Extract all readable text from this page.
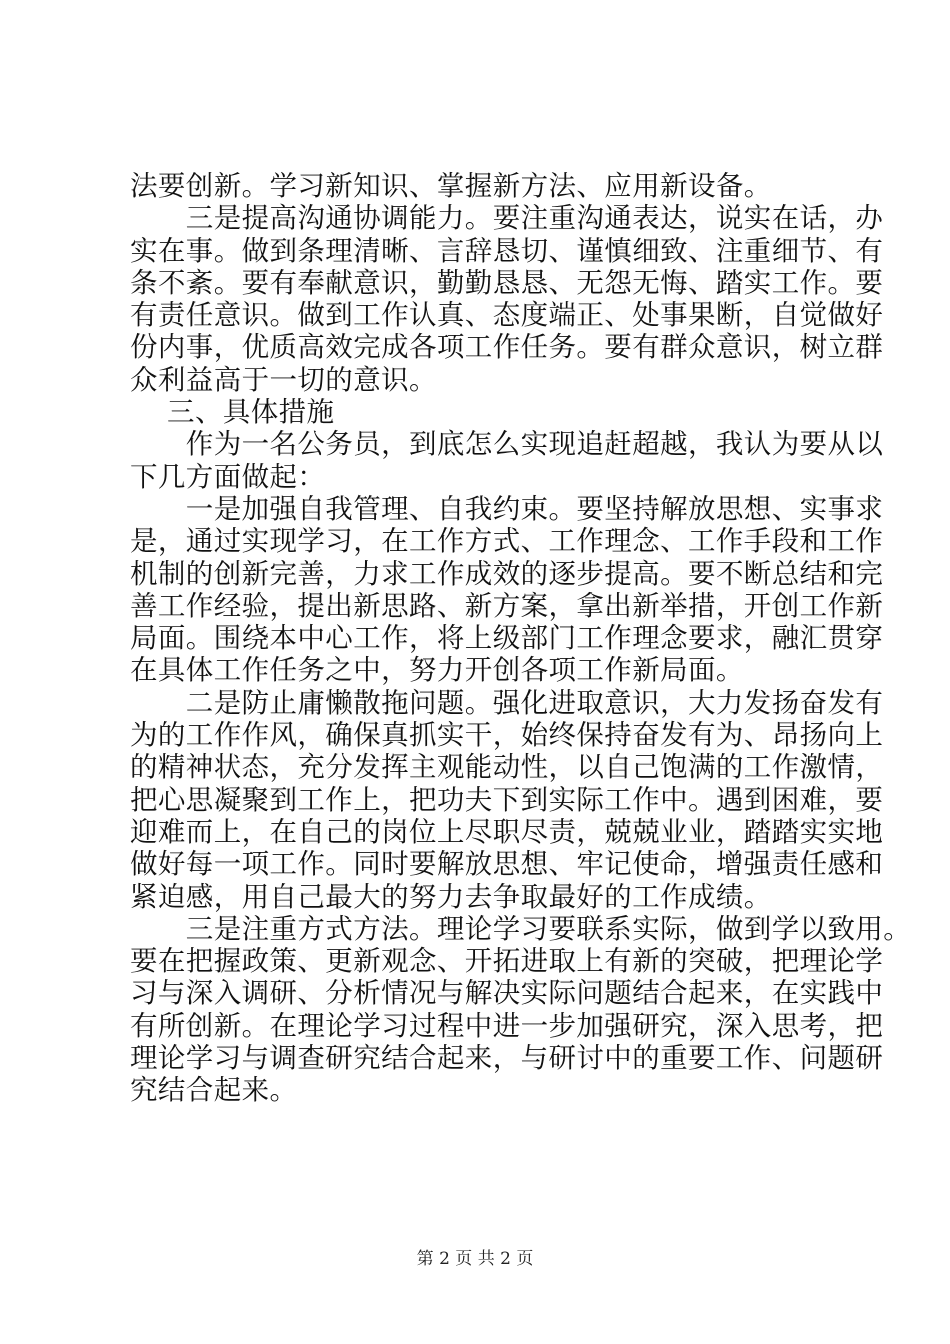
法要创新。学习新知识、掌握新方法、应用新设备。
　　三是提高沟通协调能力。要注重沟通表达，说实在话，办
实在事。做到条理清晰、言辞恳切、谨慎细致、注重细节、有
条不紊。要有奉献意识，勤勤恳恳、无怨无悔、踏实工作。要
有责任意识。做到工作认真、态度端正、处事果断，自觉做好
份内事，优质高效完成各项工作任务。要有群众意识，树立群
众利益高于一切的意识。
　 三、具体措施
　　作为一名公务员，到底怎么实现追赶超越，我认为要从以
下几方面做起：
　　一是加强自我管理、自我约束。要坚持解放思想、实事求
是，通过实现学习，在工作方式、工作理念、工作手段和工作
机制的创新完善，力求工作成效的逐步提高。要不断总结和完
善工作经验，提出新思路、新方案，拿出新举措，开创工作新
局面。围绕本中心工作，将上级部门工作理念要求，融汇贯穿
在具体工作任务之中，努力开创各项工作新局面。
　　二是防止庸懒散拖问题。强化进取意识，大力发扬奋发有
为的工作作风，确保真抓实干，始终保持奋发有为、昂扬向上
的精神状态，充分发挥主观能动性，以自己饱满的工作激情，
把心思凝聚到工作上，把功夫下到实际工作中。遇到困难，要
迎难而上，在自己的岗位上尽职尽责，兢兢业业，踏踏实实地
做好每一项工作。同时要解放思想、牢记使命，增强责任感和
紧迫感，用自己最大的努力去争取最好的工作成绩。
　　三是注重方式方法。理论学习要联系实际，做到学以致用。
要在把握政策、更新观念、开拓进取上有新的突破，把理论学
习与深入调研、分析情况与解决实际问题结合起来，在实践中
有所创新。在理论学习过程中进一步加强研究，深入思考，把
理论学习与调查研究结合起来，与研讨中的重要工作、问题研
究结合起来。
第 2 页 共 2 页
